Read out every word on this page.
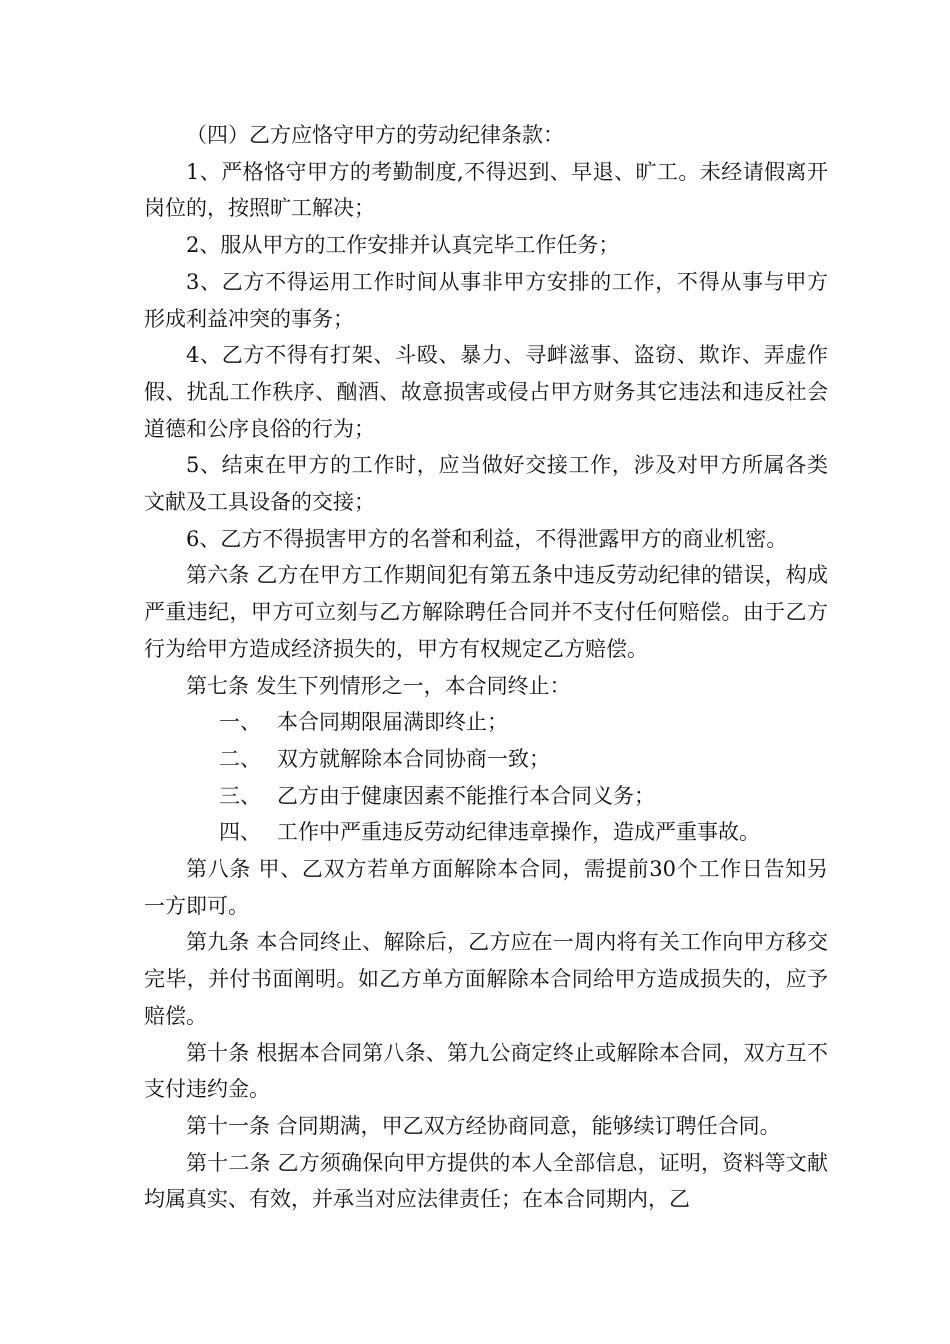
（四）乙方应恪守甲方的劳动纪律条款：

1、严格恪守甲方的考勤制度,不得迟到、早退、旷工。未经请假离开岗位的，按照旷工解决；

2、服从甲方的工作安排并认真完毕工作任务；

3、乙方不得运用工作时间从事非甲方安排的工作，不得从事与甲方形成利益冲突的事务；

4、乙方不得有打架、斗殴、暴力、寻衅滋事、盗窃、欺诈、弄虚作假、扰乱工作秩序、酗酒、故意损害或侵占甲方财务其它违法和违反社会道德和公序良俗的行为；

5、结束在甲方的工作时，应当做好交接工作，涉及对甲方所属各类文献及工具设备的交接；

6、乙方不得损害甲方的名誉和利益，不得泄露甲方的商业机密。

第六条 乙方在甲方工作期间犯有第五条中违反劳动纪律的错误，构成严重违纪，甲方可立刻与乙方解除聘任合同并不支付任何赔偿。由于乙方行为给甲方造成经济损失的，甲方有权规定乙方赔偿。

第七条 发生下列情形之一，本合同终止：

一、 本合同期限届满即终止；

二、 双方就解除本合同协商一致；

三、 乙方由于健康因素不能推行本合同义务；

四、 工作中严重违反劳动纪律违章操作，造成严重事故。

第八条 甲、乙双方若单方面解除本合同，需提前30个工作日告知另一方即可。

第九条 本合同终止、解除后，乙方应在一周内将有关工作向甲方移交完毕，并付书面阐明。如乙方单方面解除本合同给甲方造成损失的，应予赔偿。

第十条 根据本合同第八条、第九公商定终止或解除本合同，双方互不支付违约金。

第十一条 合同期满，甲乙双方经协商同意，能够续订聘任合同。

第十二条 乙方须确保向甲方提供的本人全部信息，证明，资料等文献均属真实、有效，并承当对应法律责任；在本合同期内，乙
